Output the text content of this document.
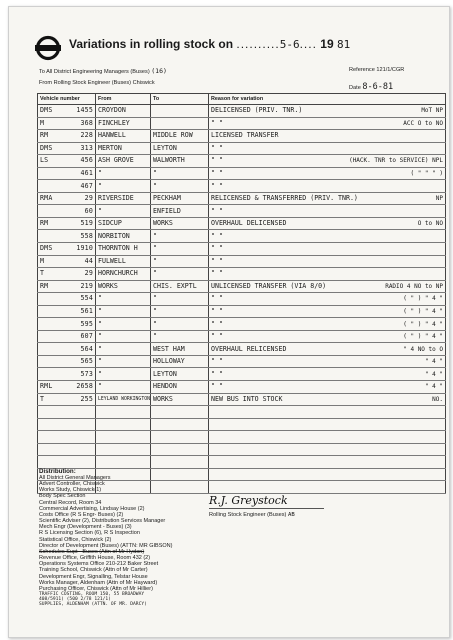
Variations in rolling stock on ..........5-6.... 19 81
To All District Engineering Managers (Buses) (16)
From Rolling Stock Engineer (Buses) Chiswick
Reference 121/1/CGR
Date 8-6-81
Vehicle number	From	To	Reason for variation
DMS 1455	CROYDON		DELICENSED (PRIV. TNR.) MoT NP

M 368	FINCHLEY		" " ACC O to NO

RM 228	HANWELL	MIDDLE ROW	LICENSED TRANSFER

DMS 313	MERTON	LEYTON	" "

LS 456	ASH GROVE	WALWORTH	" " (HACK. TNR to SERVICE) NPL

461	"	"	" " ( " " " )

467	"	"	" "

RMA 29	RIVERSIDE	PECKHAM	RELICENSED & TRANSFERRED (PRIV. TNR.) NP

60	"	ENFIELD	" "

RM 519	SIDCUP	WORKS	OVERHAUL DELICENSED O to NO

558	NORBITON	"	" "

DMS 1910	THORNTON H	"	" "

M 44	FULWELL	"	" "

T 29	HORNCHURCH	"	" "

RM 219	WORKS	CHIS. EXPTL	UNLICENSED TRANSFER (VIA 8/0) RADIO 4 NO to NP

554	"	"	" " ( " ) " 4 "

561	"	"	" " ( " ) " 4 "

595	"	"	" " ( " ) " 4 "

607	"	"	" " ( " ) " 4 "

564	"	WEST HAM	OVERHAUL RELICENSED " 4 NO to O

565	"	HOLLOWAY	" " " 4 "

573	"	LEYTON	" " " 4 "

RML 2658	"	HENDON	" " " 4 "

T 255	LEYLAND WORKINGTON	WORKS	NEW BUS INTO STOCK NO.

Distribution:
All District General Managers
Advert Controller, Chiswick
Works Study, Chiswick(1)
Body Spec Section
Central Record, Room 34
Commercial Advertising, Lindsay House (2)
Costs Office (R S Engr- Buses) (2)
Scientific Adviser (2), Distribution Services Manager
Mech Engr (Development - Buses) (3)
R S Licensing Section (6), R S Inspection
Statistical Office, Chiswick (2)
Director of Development (Buses) (ATTN: MR GIBSON)
Schedules Supt - Buses (Attn of Mr Hydon)
Revenue Office, Griffith House, Room 432 (2)
Operations Systems Office 210-212 Baker Street
Training School, Chiswick (Attn of Mr Carter)
Development Engr, Signalling, Telstar House
Works Manager, Aldenham (Attn of Mr Hayward)
Purchasing Officer, Chiswick (Attn of Mr Hillier)
TRAFFIC COSTING, ROOM 150, 55 BROADWAY
408/5911) (500 2/78 121/1)
SUPPLIES, ALDENHAM (ATTN. OF MR. DARCY)
R.J. Greystock
Rolling Stock Engineer (Buses) AB
